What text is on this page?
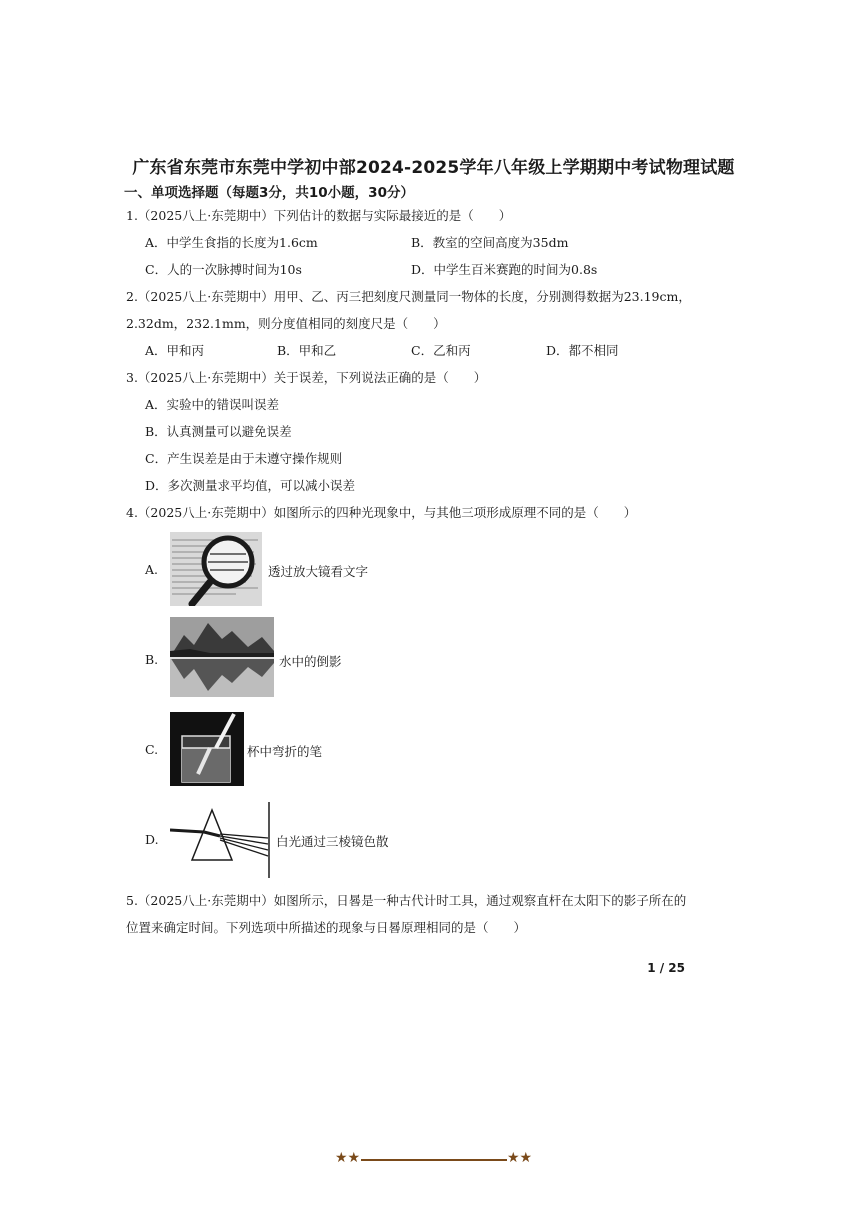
广东省东莞市东莞中学初中部2024-2025学年八年级上学期期中考试物理试题
一、单项选择题（每题3分，共10小题，30分）
1.（2025八上·东莞期中）下列估计的数据与实际最接近的是（　　）
A．中学生食指的长度为1.6cm	B．教室的空间高度为35dm
C．人的一次脉搏时间为10s	D．中学生百米赛跑的时间为0.8s
2.（2025八上·东莞期中）用甲、乙、丙三把刻度尺测量同一物体的长度，分别测得数据为23.19cm，
2.32dm，232.1mm，则分度值相同的刻度尺是（　　）
A．甲和丙	B．甲和乙	C．乙和丙	D．都不相同
3.（2025八上·东莞期中）关于误差，下列说法正确的是（　　）
A．实验中的错误叫误差
B．认真测量可以避免误差
C．产生误差是由于未遵守操作规则
D．多次测量求平均值，可以减小误差
4.（2025八上·东莞期中）如图所示的四种光现象中，与其他三项形成原理不同的是（　　）
A.	透过放大镜看文字
B.	水中的倒影
C.	杯中弯折的笔
D.	白光通过三棱镜色散
5.（2025八上·东莞期中）如图所示，日晷是一种古代计时工具，通过观察直杆在太阳下的影子所在的
位置来确定时间。下列选项中所描述的现象与日晷原理相同的是（　　）
1 / 25
★★	★★
